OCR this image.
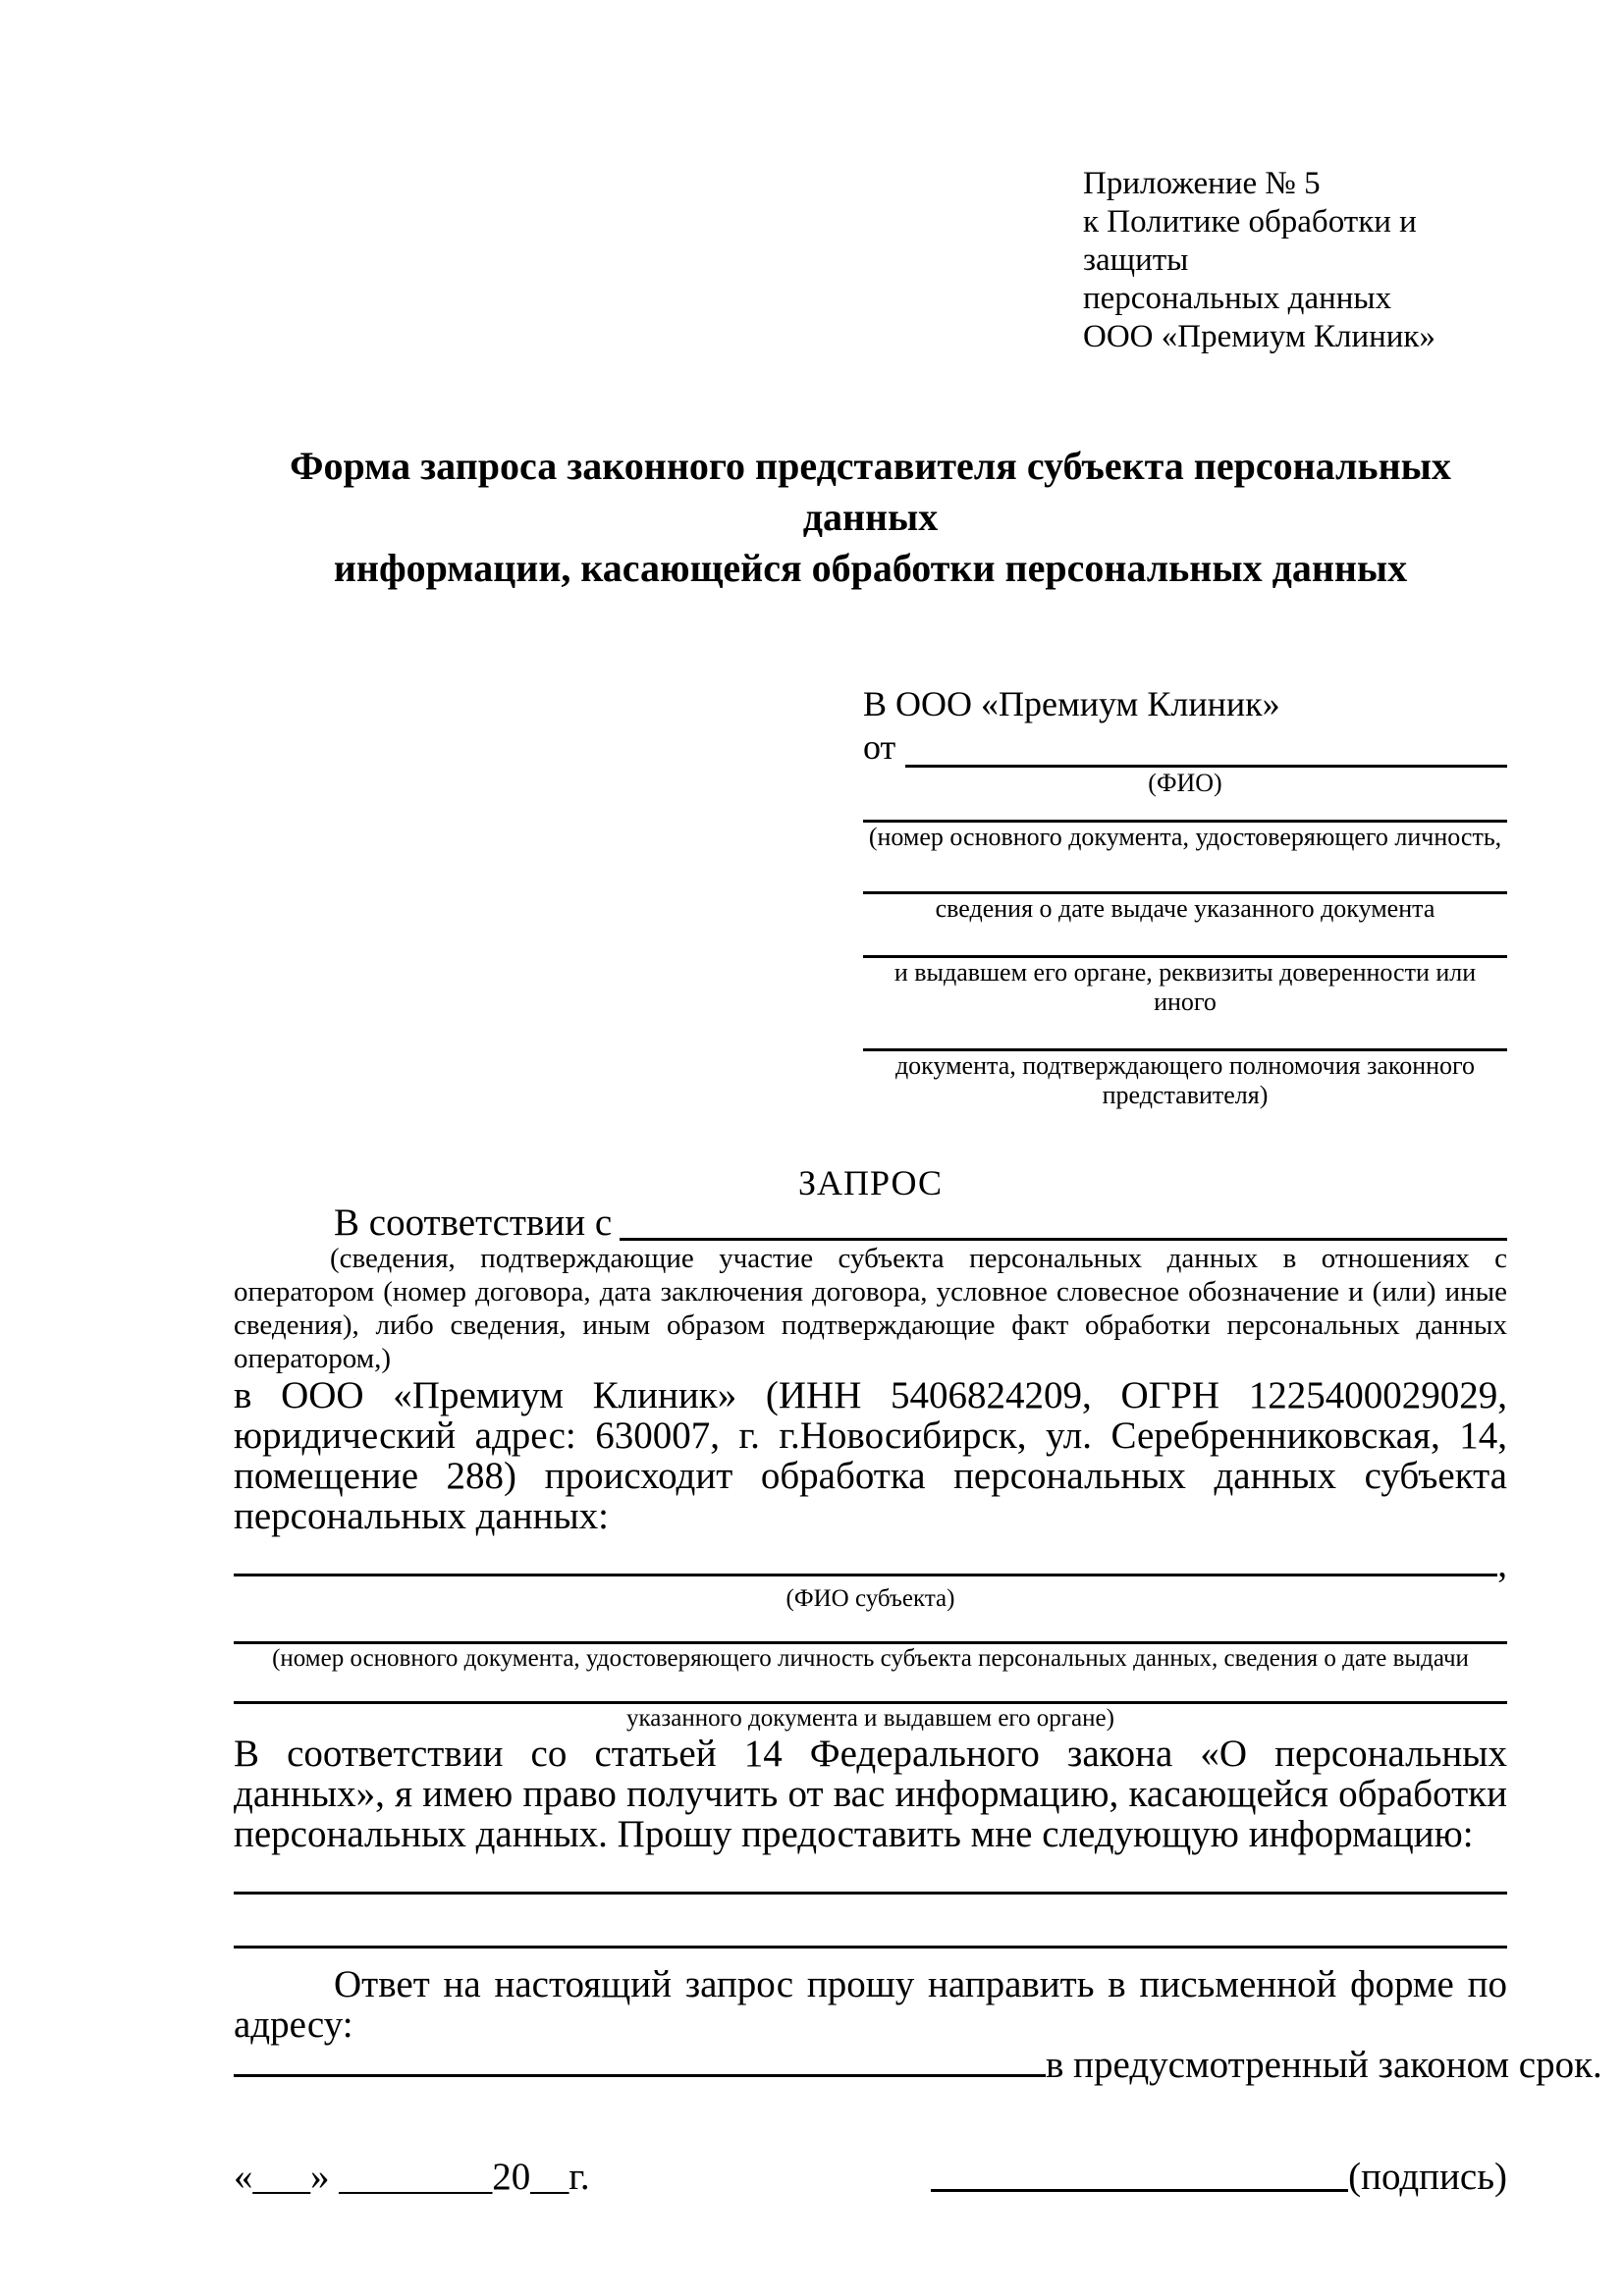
Приложение № 5
к Политике обработки и защиты
персональных данных
ООО «Премиум Клиник»
Форма запроса законного представителя субъекта персональных данных
информации, касающейся обработки персональных данных
В ООО «Премиум Клиник»
от
(ФИО)
(номер основного документа, удостоверяющего личность,
сведения о дате выдаче указанного документа
и выдавшем его органе, реквизиты доверенности или иного
документа, подтверждающего полномочия законного представителя)
ЗАПРОС
В соответствии с

(сведения, подтверждающие участие субъекта персональных данных в отношениях с оператором (номер договора, дата заключения договора, условное словесное обозначение и (или) иные сведения), либо сведения, иным образом подтверждающие факт обработки персональных данных оператором,)

в ООО «Премиум Клиник» (ИНН 5406824209, ОГРН 1225400029029, юридический адрес: 630007, г. г.Новосибирск, ул. Серебренниковская, 14, помещение 288) происходит обработка персональных данных субъекта персональных данных:

,
(ФИО субъекта)
(номер основного документа, удостоверяющего личность субъекта персональных данных, сведения о дате выдачи
указанного документа и выдавшем его органе)

В соответствии со статьей 14 Федерального закона «О персональных данных», я имею право получить от вас информацию, касающейся обработки персональных данных. Прошу предоставить мне следующую информацию:

Ответ на настоящий запрос прошу направить в письменной форме по адресу:
в предусмотренный законом срок.
«___» ________20__г.	(подпись)
